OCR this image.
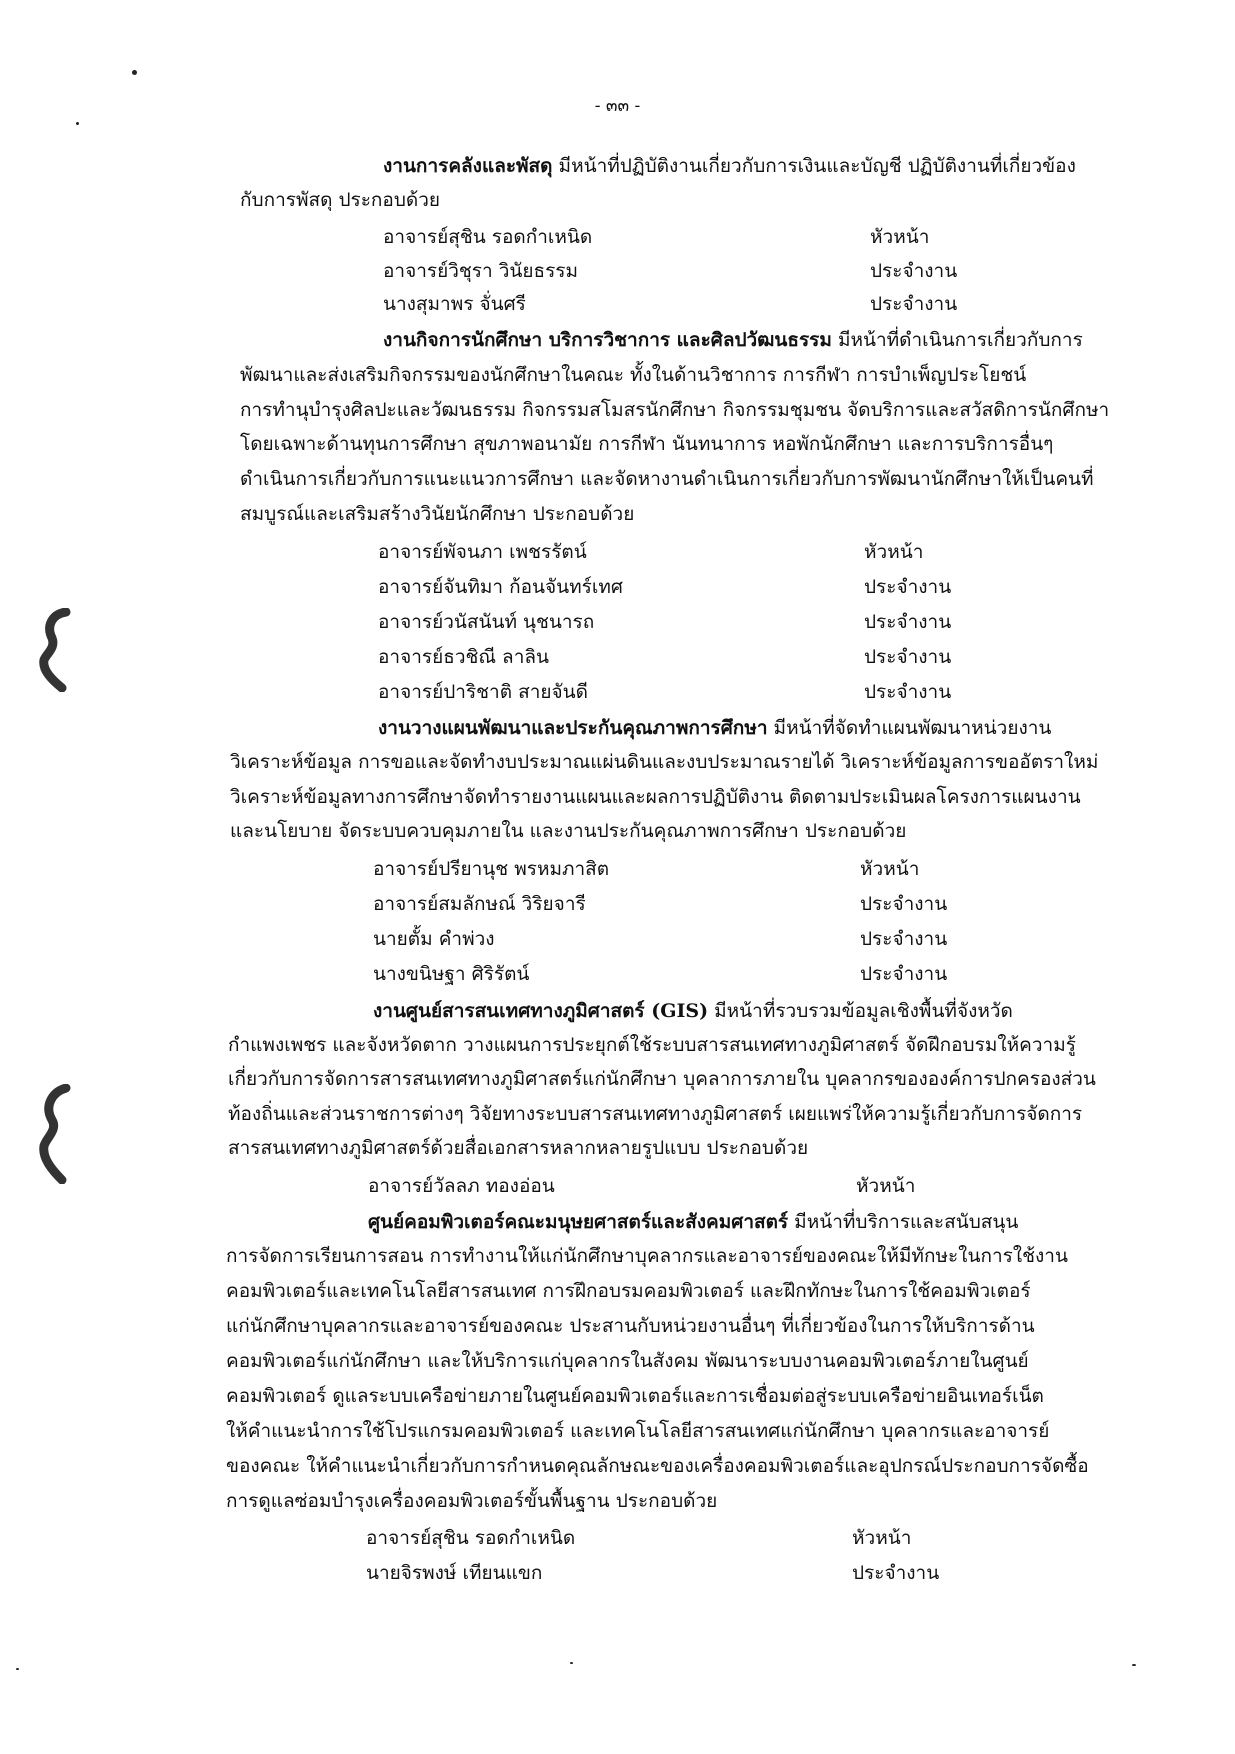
- ๓๓ -
งานการคลังและพัสดุ มีหน้าที่ปฏิบัติงานเกี่ยวกับการเงินและบัญชี ปฏิบัติงานที่เกี่ยวข้อง
กับการพัสดุ ประกอบด้วย
อาจารย์สุชิน รอดกำเหนิด	หัวหน้า
อาจารย์วิชุรา วินัยธรรม	ประจำงาน
นางสุมาพร จั่นศรี	ประจำงาน
งานกิจการนักศึกษา บริการวิชาการ และศิลปวัฒนธรรม มีหน้าที่ดำเนินการเกี่ยวกับการ
พัฒนาและส่งเสริมกิจกรรมของนักศึกษาในคณะ ทั้งในด้านวิชาการ การกีฬา การบำเพ็ญประโยชน์
การทำนุบำรุงศิลปะและวัฒนธรรม กิจกรรมสโมสรนักศึกษา กิจกรรมชุมชน จัดบริการและสวัสดิการนักศึกษา
โดยเฉพาะด้านทุนการศึกษา สุขภาพอนามัย การกีฬา นันทนาการ หอพักนักศึกษา และการบริการอื่นๆ
ดำเนินการเกี่ยวกับการแนะแนวการศึกษา และจัดหางานดำเนินการเกี่ยวกับการพัฒนานักศึกษาให้เป็นคนที่
สมบูรณ์และเสริมสร้างวินัยนักศึกษา ประกอบด้วย
อาจารย์พัจนภา เพชรรัตน์	หัวหน้า
อาจารย์จันทิมา ก้อนจันทร์เทศ	ประจำงาน
อาจารย์วนัสนันท์ นุชนารถ	ประจำงาน
อาจารย์ธวชิณี ลาลิน	ประจำงาน
อาจารย์ปาริชาติ สายจันดี	ประจำงาน
งานวางแผนพัฒนาและประกันคุณภาพการศึกษา มีหน้าที่จัดทำแผนพัฒนาหน่วยงาน
วิเคราะห์ข้อมูล การขอและจัดทำงบประมาณแผ่นดินและงบประมาณรายได้ วิเคราะห์ข้อมูลการขออัตราใหม่
วิเคราะห์ข้อมูลทางการศึกษาจัดทำรายงานแผนและผลการปฏิบัติงาน ติดตามประเมินผลโครงการแผนงาน
และนโยบาย จัดระบบควบคุมภายใน และงานประกันคุณภาพการศึกษา ประกอบด้วย
อาจารย์ปรียานุช พรหมภาสิต	หัวหน้า
อาจารย์สมลักษณ์ วิริยจารี	ประจำงาน
นายตั้ม คำพ่วง	ประจำงาน
นางขนิษฐา ศิริรัตน์	ประจำงาน
งานศูนย์สารสนเทศทางภูมิศาสตร์ (GIS) มีหน้าที่รวบรวมข้อมูลเชิงพื้นที่จังหวัด
กำแพงเพชร และจังหวัดตาก วางแผนการประยุกต์ใช้ระบบสารสนเทศทางภูมิศาสตร์ จัดฝึกอบรมให้ความรู้
เกี่ยวกับการจัดการสารสนเทศทางภูมิศาสตร์แก่นักศึกษา บุคลาการภายใน บุคลากรขององค์การปกครองส่วน
ท้องถิ่นและส่วนราชการต่างๆ วิจัยทางระบบสารสนเทศทางภูมิศาสตร์ เผยแพร่ให้ความรู้เกี่ยวกับการจัดการ
สารสนเทศทางภูมิศาสตร์ด้วยสื่อเอกสารหลากหลายรูปแบบ ประกอบด้วย
อาจารย์วัลลภ ทองอ่อน	หัวหน้า
ศูนย์คอมพิวเตอร์คณะมนุษยศาสตร์และสังคมศาสตร์ มีหน้าที่บริการและสนับสนุน
การจัดการเรียนการสอน การทำงานให้แก่นักศึกษาบุคลากรและอาจารย์ของคณะให้มีทักษะในการใช้งาน
คอมพิวเตอร์และเทคโนโลยีสารสนเทศ การฝึกอบรมคอมพิวเตอร์ และฝึกทักษะในการใช้คอมพิวเตอร์
แก่นักศึกษาบุคลากรและอาจารย์ของคณะ ประสานกับหน่วยงานอื่นๆ ที่เกี่ยวข้องในการให้บริการด้าน
คอมพิวเตอร์แก่นักศึกษา และให้บริการแก่บุคลากรในสังคม พัฒนาระบบงานคอมพิวเตอร์ภายในศูนย์
คอมพิวเตอร์ ดูแลระบบเครือข่ายภายในศูนย์คอมพิวเตอร์และการเชื่อมต่อสู่ระบบเครือข่ายอินเทอร์เน็ต
ให้คำแนะนำการใช้โปรแกรมคอมพิวเตอร์ และเทคโนโลยีสารสนเทศแก่นักศึกษา บุคลากรและอาจารย์
ของคณะ ให้คำแนะนำเกี่ยวกับการกำหนดคุณลักษณะของเครื่องคอมพิวเตอร์และอุปกรณ์ประกอบการจัดซื้อ
การดูแลซ่อมบำรุงเครื่องคอมพิวเตอร์ขั้นพื้นฐาน ประกอบด้วย
อาจารย์สุชิน รอดกำเหนิด	หัวหน้า
นายจิรพงษ์ เทียนแขก	ประจำงาน
